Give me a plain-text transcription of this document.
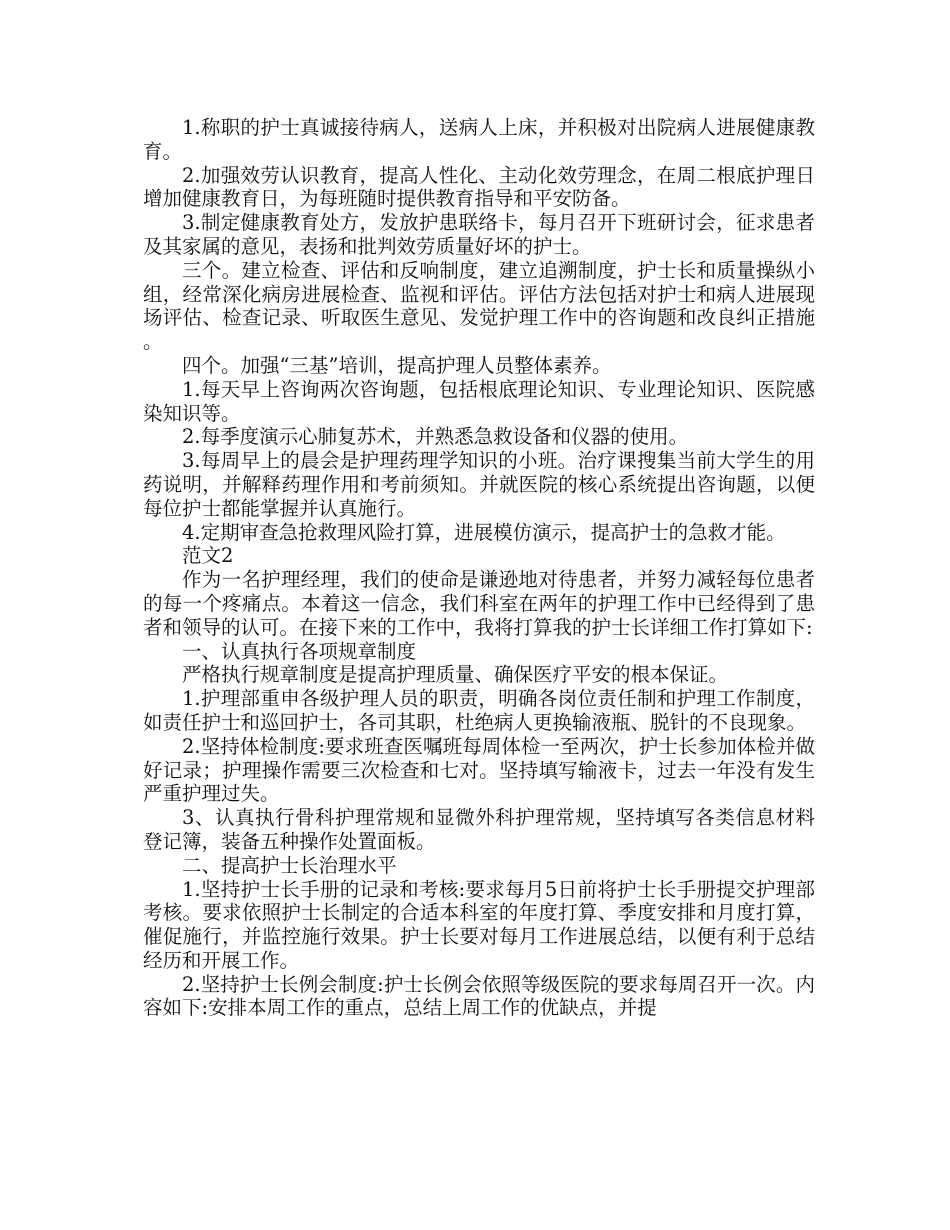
1.称职的护士真诚接待病人，送病人上床，并积极对出院病人进展健康教育。

2.加强效劳认识教育，提高人性化、主动化效劳理念，在周二根底护理日增加健康教育日，为每班随时提供教育指导和平安防备。

3.制定健康教育处方，发放护患联络卡，每月召开下班研讨会，征求患者及其家属的意见，表扬和批判效劳质量好坏的护士。

三个。建立检查、评估和反响制度，建立追溯制度，护士长和质量操纵小组，经常深化病房进展检查、监视和评估。评估方法包括对护士和病人进展现场评估、检查记录、听取医生意见、发觉护理工作中的咨询题和改良纠正措施。

四个。加强“三基”培训，提高护理人员整体素养。

1.每天早上咨询两次咨询题，包括根底理论知识、专业理论知识、医院感染知识等。

2.每季度演示心肺复苏术，并熟悉急救设备和仪器的使用。

3.每周早上的晨会是护理药理学知识的小班。治疗课搜集当前大学生的用药说明，并解释药理作用和考前须知。并就医院的核心系统提出咨询题，以便每位护士都能掌握并认真施行。

4.定期审查急抢救理风险打算，进展模仿演示，提高护士的急救才能。

范文2

作为一名护理经理，我们的使命是谦逊地对待患者，并努力减轻每位患者的每一个疼痛点。本着这一信念，我们科室在两年的护理工作中已经得到了患者和领导的认可。在接下来的工作中，我将打算我的护士长详细工作打算如下:

一、认真执行各项规章制度

严格执行规章制度是提高护理质量、确保医疗平安的根本保证。

1.护理部重申各级护理人员的职责，明确各岗位责任制和护理工作制度，如责任护士和巡回护士，各司其职，杜绝病人更换输液瓶、脱针的不良现象。

2.坚持体检制度:要求班查医嘱班每周体检一至两次，护士长参加体检并做好记录；护理操作需要三次检查和七对。坚持填写输液卡，过去一年没有发生严重护理过失。

3、认真执行骨科护理常规和显微外科护理常规，坚持填写各类信息材料登记簿，装备五种操作处置面板。

二、提高护士长治理水平

1.坚持护士长手册的记录和考核:要求每月5日前将护士长手册提交护理部考核。要求依照护士长制定的合适本科室的年度打算、季度安排和月度打算，催促施行，并监控施行效果。护士长要对每月工作进展总结，以便有利于总结经历和开展工作。

2.坚持护士长例会制度:护士长例会依照等级医院的要求每周召开一次。内容如下:安排本周工作的重点，总结上周工作的优缺点，并提
